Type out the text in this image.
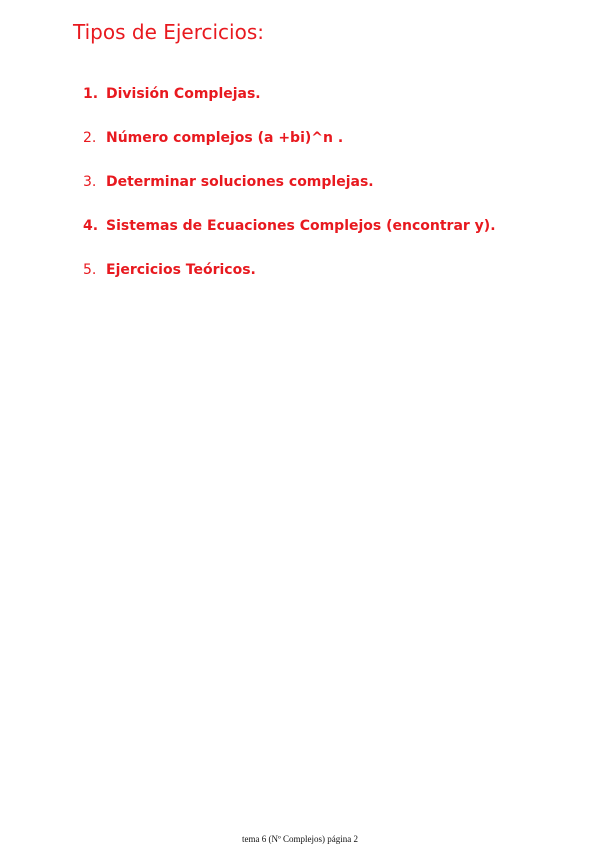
Tipos de Ejercicios:
1. División Complejas.
2. Número complejos (a +bi)^n .
3. Determinar soluciones complejas.
4. Sistemas de Ecuaciones Complejos (encontrar y).
5. Ejercicios Teóricos.
tema 6 (Nº Complejos) página 2
